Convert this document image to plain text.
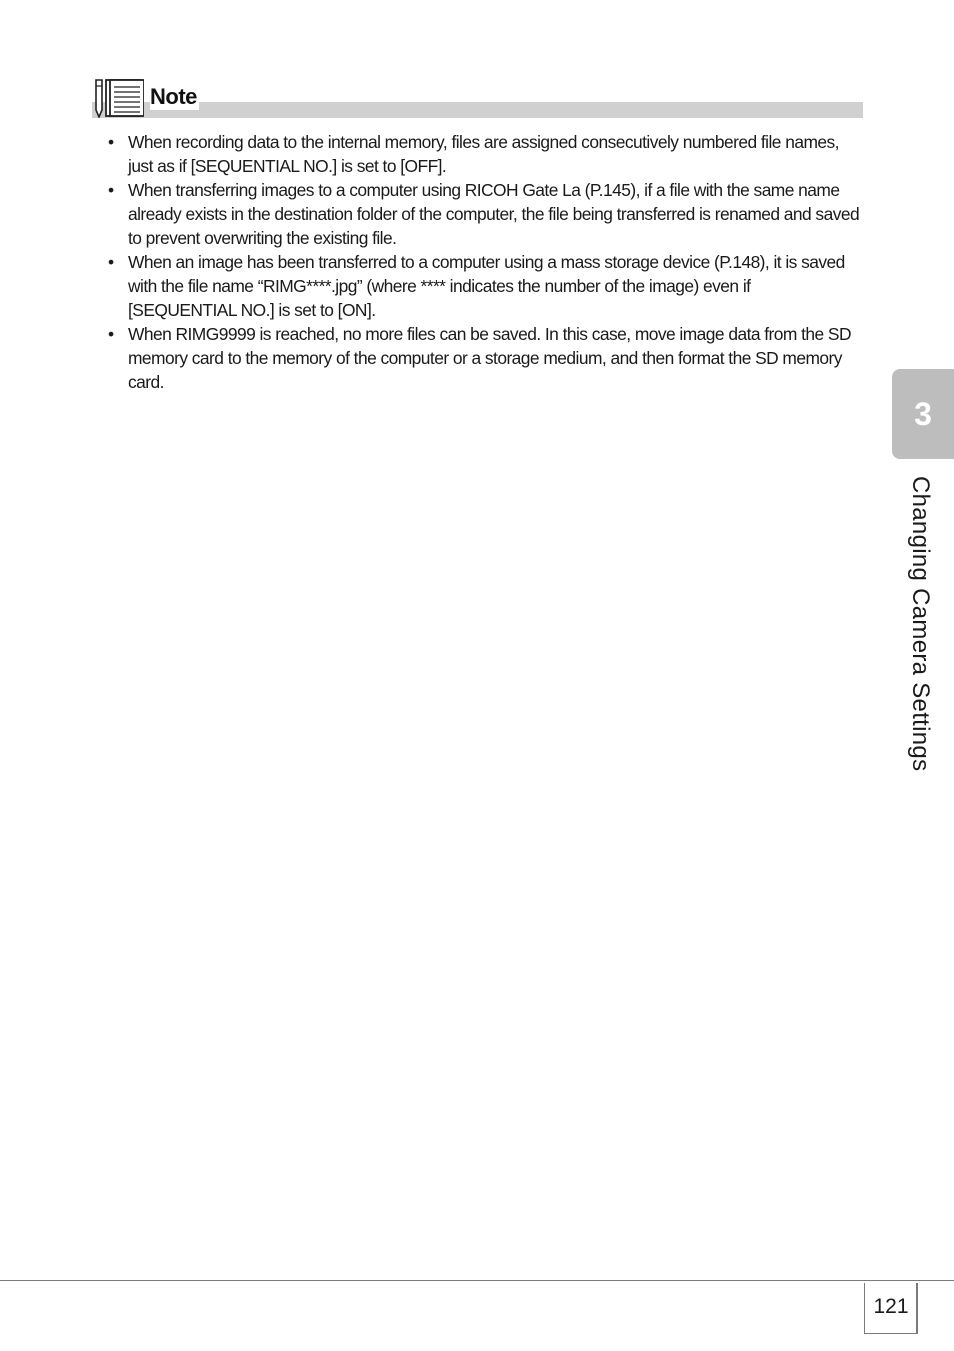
Note
• When recording data to the internal memory, files are assigned consecutively numbered file names, just as if [SEQUENTIAL NO.] is set to [OFF].
• When transferring images to a computer using RICOH Gate La (P.145), if a file with the same name already exists in the destination folder of the computer, the file being transferred is renamed and saved to prevent overwriting the existing file.
• When an image has been transferred to a computer using a mass storage device (P.148), it is saved with the file name “RIMG****.jpg” (where **** indicates the number of the image) even if [SEQUENTIAL NO.] is set to [ON].
• When RIMG9999 is reached, no more files can be saved. In this case, move image data from the SD memory card to the memory of the computer or a storage medium, and then format the SD memory card.
3
Changing Camera Settings
121
